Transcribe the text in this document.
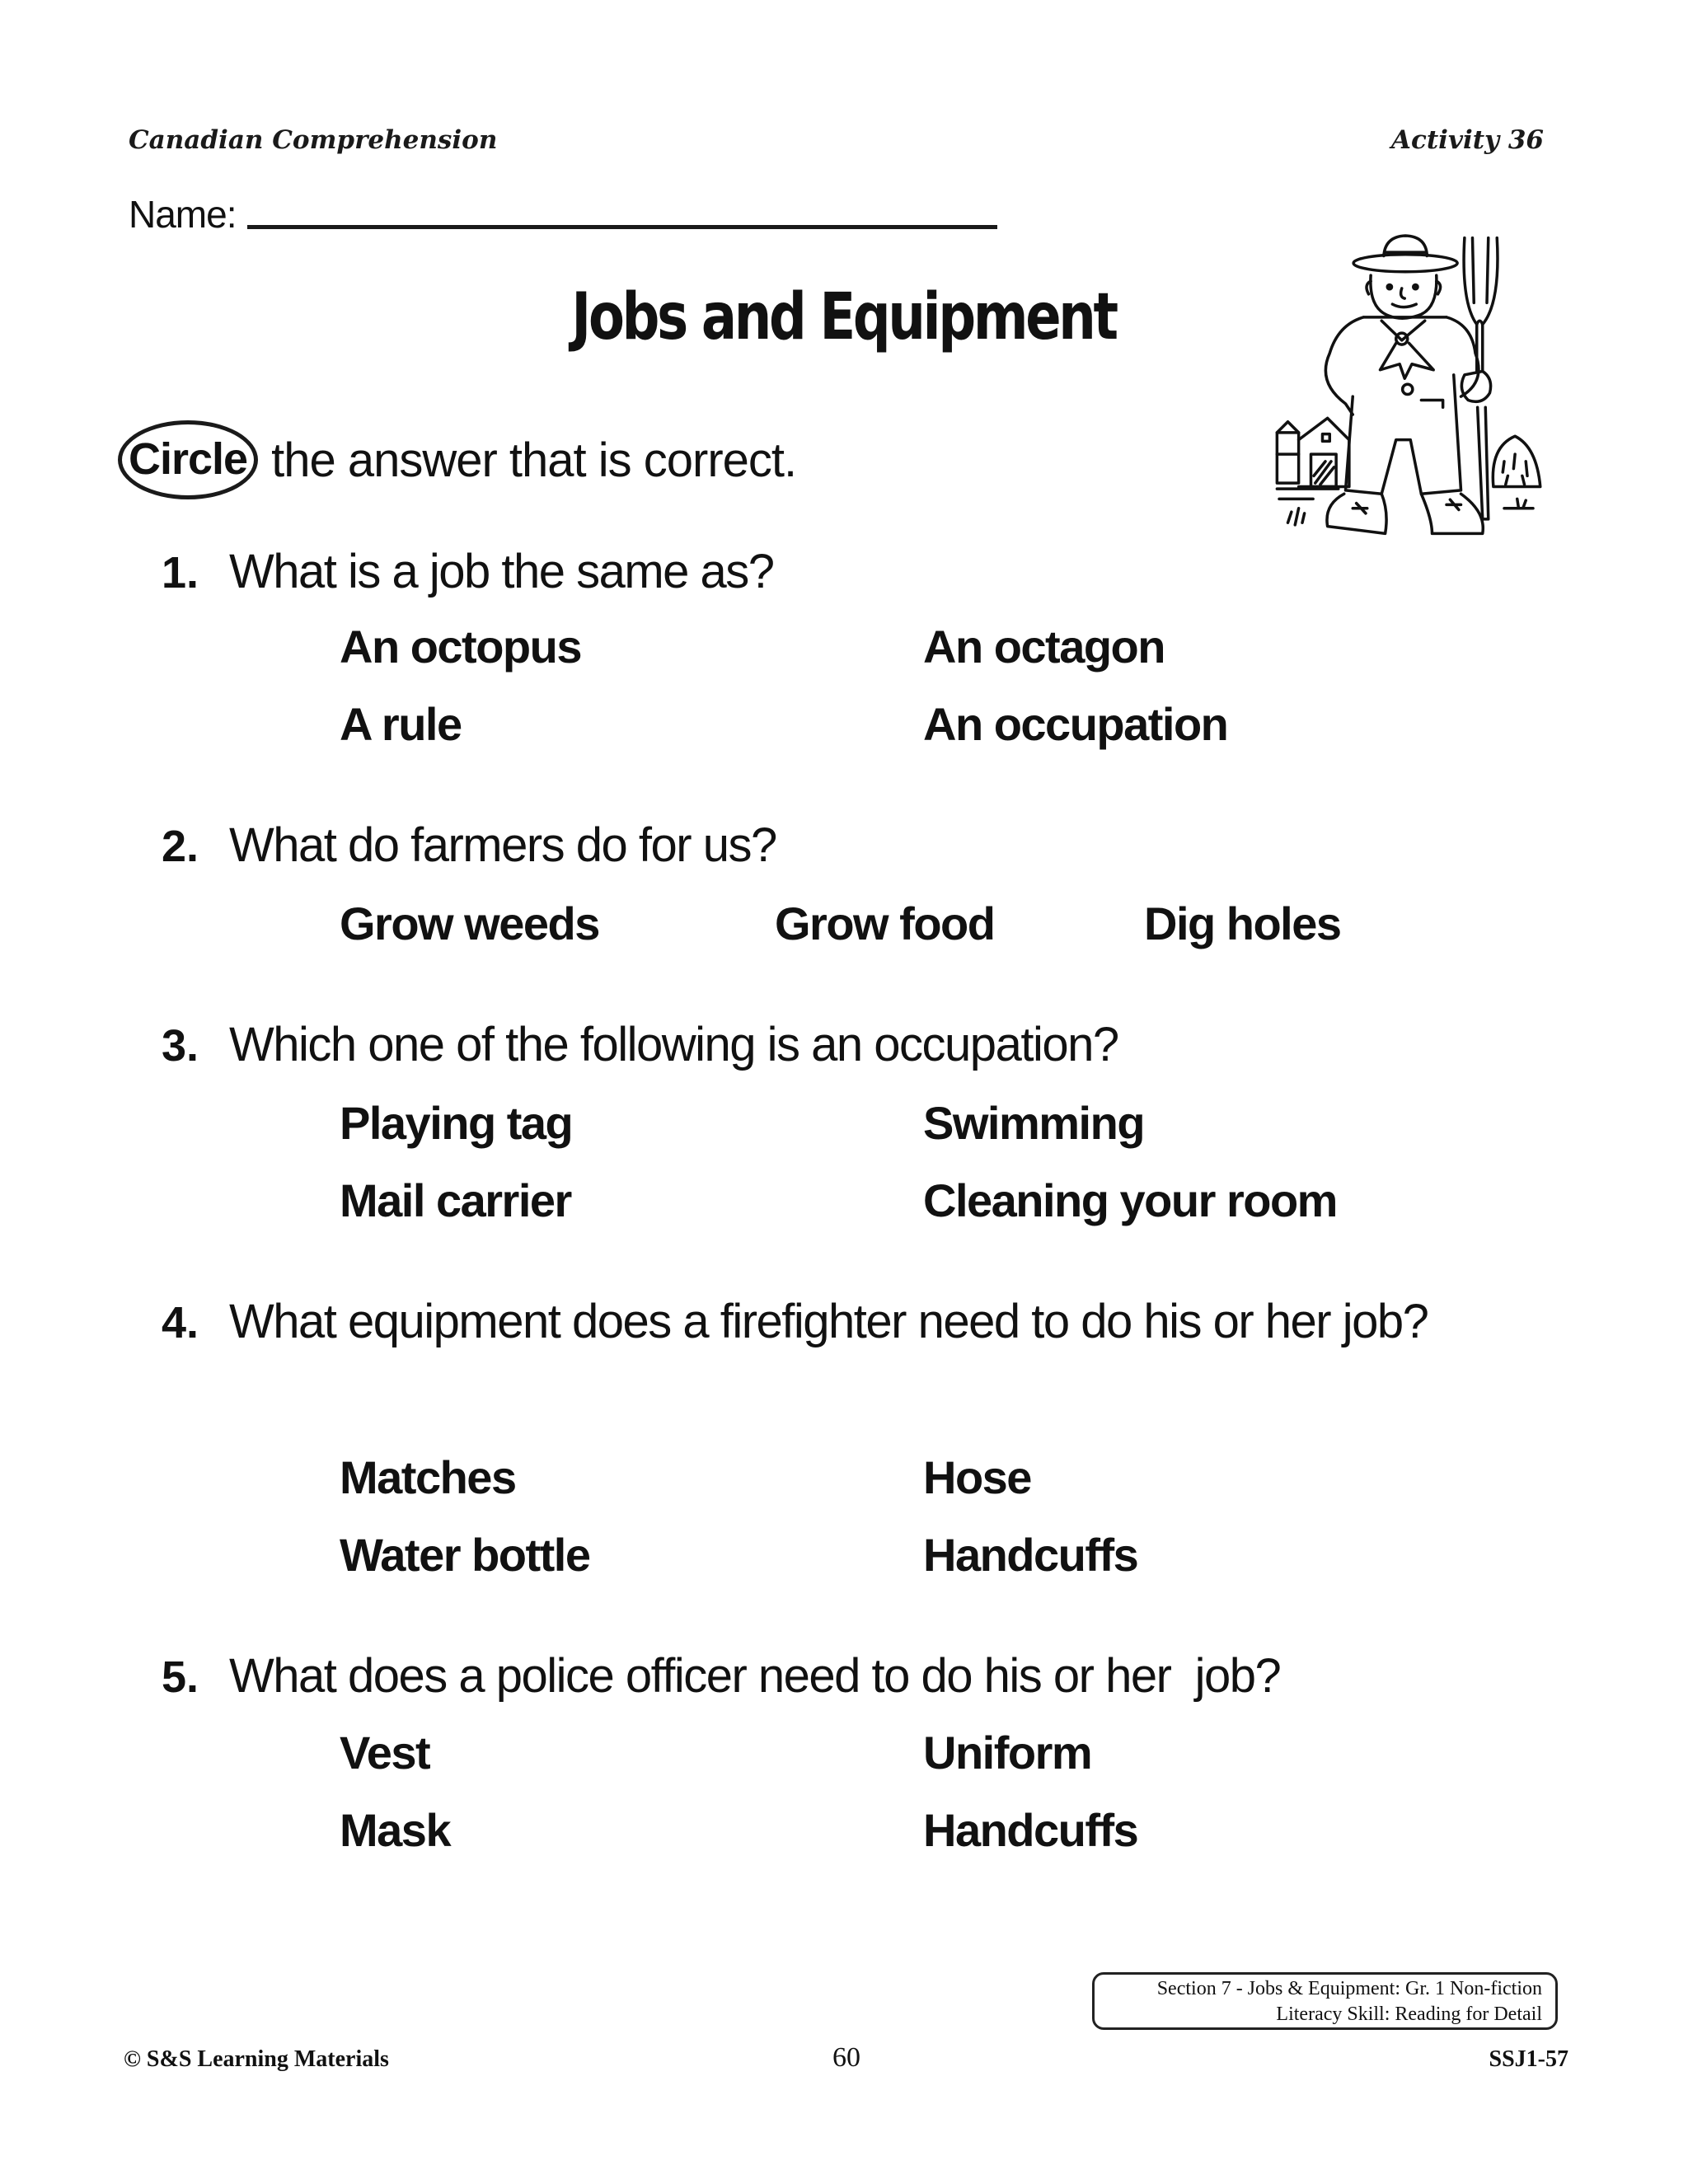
Canadian Comprehension	Activity 36
Name:
Jobs and Equipment
Circle the answer that is correct.
1. What is a job the same as?
An octopus	An octagon
A rule	An occupation
2. What do farmers do for us?
Grow weeds	Grow food	Dig holes
3. Which one of the following is an occupation?
Playing tag	Swimming
Mail carrier	Cleaning your room
4. What equipment does a firefighter need to do his or her job?
Matches	Hose
Water bottle	Handcuffs
5. What does a police officer need to do his or her  job?
Vest	Uniform
Mask	Handcuffs
Section 7 - Jobs & Equipment: Gr. 1 Non-fiction
Literacy Skill: Reading for Detail
© S&S Learning Materials	60	SSJ1-57
